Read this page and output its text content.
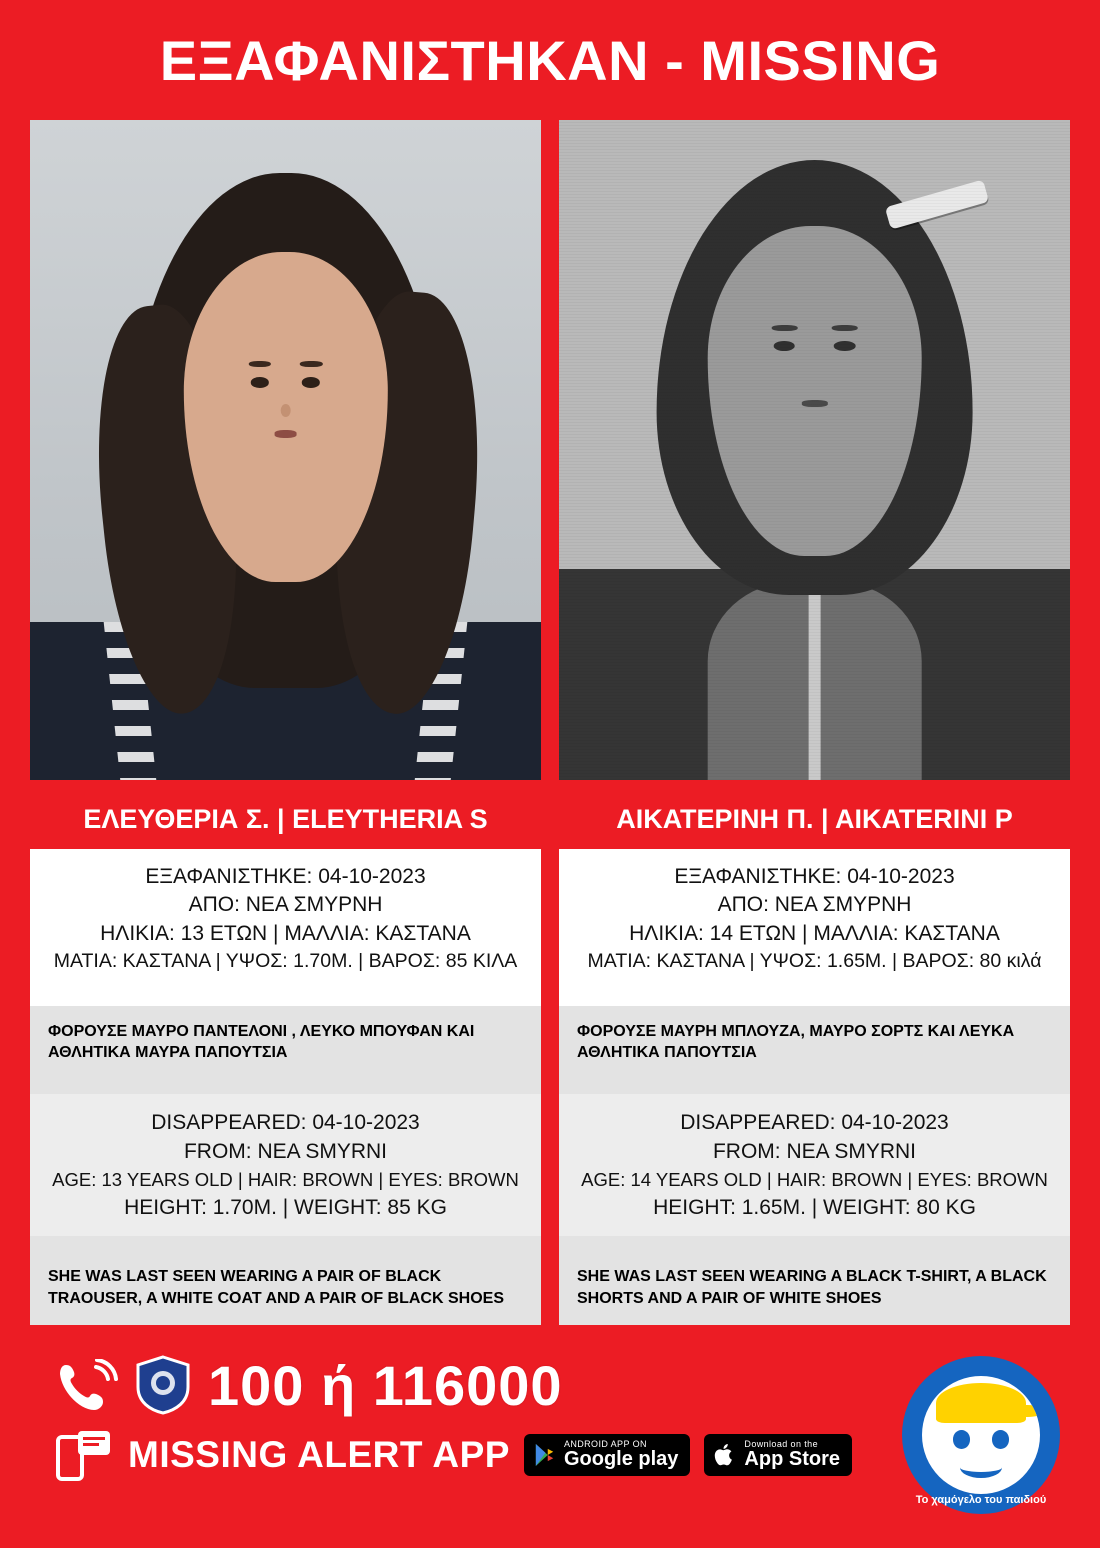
ΕΞΑΦΑΝΙΣΤΗΚΑΝ - MISSING
ΕΛΕΥΘΕΡΙΑ Σ. | ELEYTHERIA S	ΑΙΚΑΤΕΡΙΝΗ Π. | ΑΙΚΑΤΕRINI P

ΕΞΑΦΑΝΙΣΤΗΚΕ: 04-10-2023

ΑΠΟ: ΝΕΑ ΣΜΥΡΝΗ

ΗΛΙΚΙΑ: 13 ΕΤΩΝ | ΜΑΛΛΙΑ: ΚΑΣΤΑΝΑ

ΜΑΤΙΑ: ΚΑΣΤΑΝΑ | ΥΨΟΣ: 1.70Μ. | ΒΑΡΟΣ: 85 ΚΙΛΑ

ΦΟΡΟΥΣΕ ΜΑΥΡΟ ΠΑΝΤΕΛΟΝΙ , ΛΕΥΚΟ ΜΠΟΥΦΑΝ ΚΑΙ ΑΘΛΗΤΙΚΑ ΜΑΥΡΑ ΠΑΠΟΥΤΣΙΑ

ΕΞΑΦΑΝΙΣΤΗΚΕ: 04-10-2023

ΑΠΟ: ΝΕΑ ΣΜΥΡΝΗ

ΗΛΙΚΙΑ: 14 ΕΤΩΝ | ΜΑΛΛΙΑ: ΚΑΣΤΑΝΑ

ΜΑΤΙΑ: ΚΑΣΤΑΝΑ | ΥΨΟΣ: 1.65Μ. | ΒΑΡΟΣ: 80 κιλά

ΦΟΡΟΥΣΕ ΜΑΥΡΗ ΜΠΛΟΥΖΑ, ΜΑΥΡΟ ΣΟΡΤΣ ΚΑΙ ΛΕΥΚΑ ΑΘΛΗΤΙΚΑ ΠΑΠΟΥΤΣΙΑ

DISAPPEARED: 04-10-2023

FROM: NEA SMYRNI

AGE: 13 YEARS OLD | HAIR: BROWN | EYES: BROWN

HEIGHT: 1.70M. | WEIGHT: 85 KG

SHE WAS LAST SEEN WEARING A PAIR OF BLACK TRAOUSER, A WHITE COAT AND A PAIR OF BLACK SHOES

DISAPPEARED: 04-10-2023

FROM: NEA SMYRNI

AGE: 14 YEARS OLD | HAIR: BROWN | EYES: BROWN

HEIGHT: 1.65M. | WEIGHT: 80 KG

SHE WAS LAST SEEN WEARING A BLACK T-SHIRT, A BLACK SHORTS AND A PAIR OF WHITE SHOES
100 ή 116000
MISSING ALERT APP	ANDROID APP ON
Google play
Download on the
App Store
Το χαμόγελο του παιδιού
